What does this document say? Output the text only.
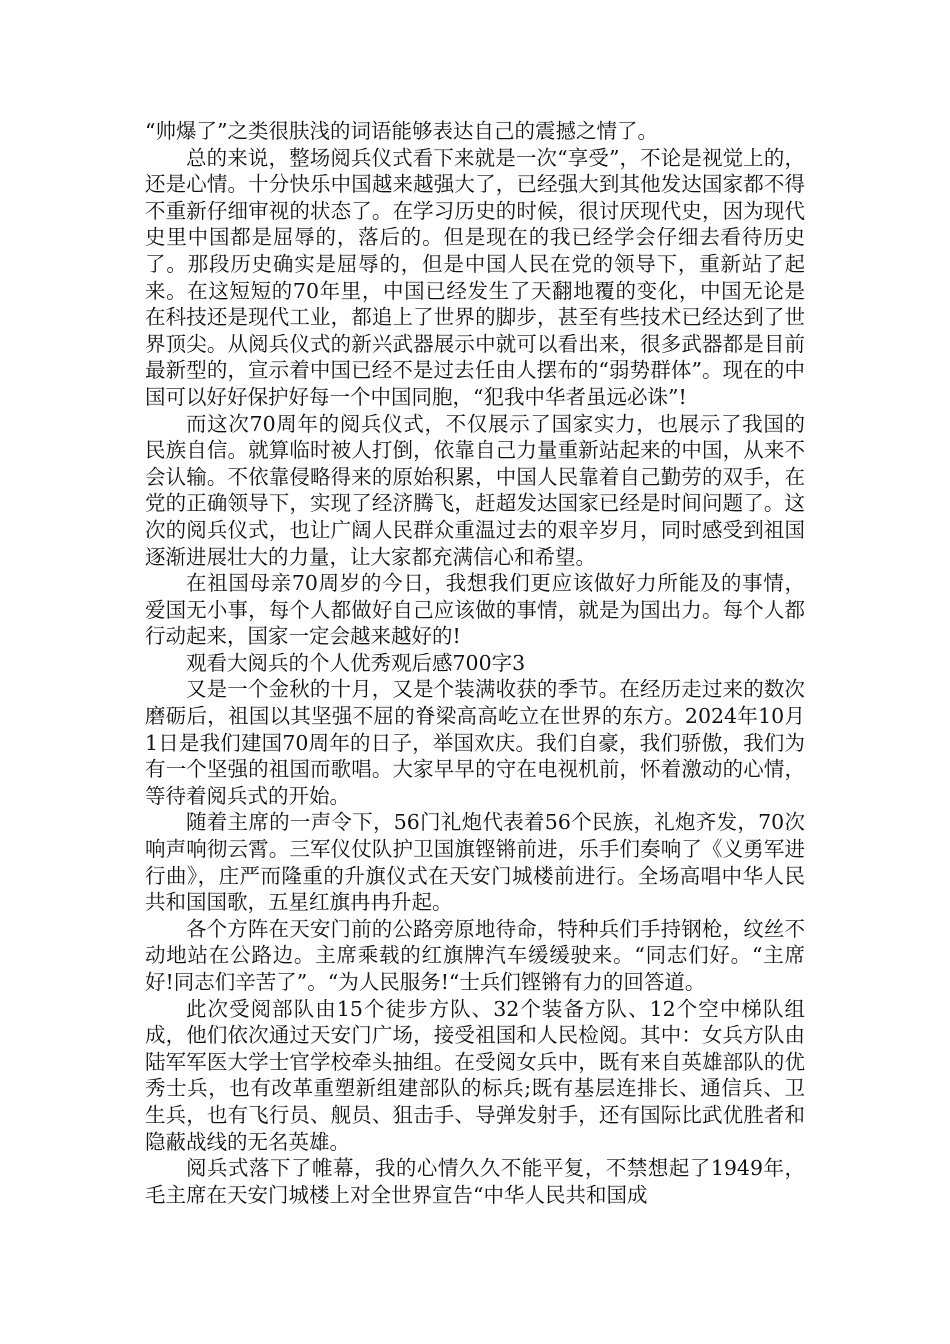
“帅爆了”之类很肤浅的词语能够表达自己的震撼之情了。

总的来说，整场阅兵仪式看下来就是一次“享受”，不论是视觉上的，还是心情。十分快乐中国越来越强大了，已经强大到其他发达国家都不得不重新仔细审视的状态了。在学习历史的时候，很讨厌现代史，因为现代史里中国都是屈辱的，落后的。但是现在的我已经学会仔细去看待历史了。那段历史确实是屈辱的，但是中国人民在党的领导下，重新站了起来。在这短短的70年里，中国已经发生了天翻地覆的变化，中国无论是在科技还是现代工业，都追上了世界的脚步，甚至有些技术已经达到了世界顶尖。从阅兵仪式的新兴武器展示中就可以看出来，很多武器都是目前最新型的，宣示着中国已经不是过去任由人摆布的“弱势群体”。现在的中国可以好好保护好每一个中国同胞，“犯我中华者虽远必诛”!

而这次70周年的阅兵仪式，不仅展示了国家实力，也展示了我国的民族自信。就算临时被人打倒，依靠自己力量重新站起来的中国，从来不会认输。不依靠侵略得来的原始积累，中国人民靠着自己勤劳的双手，在党的正确领导下，实现了经济腾飞，赶超发达国家已经是时间问题了。这次的阅兵仪式，也让广阔人民群众重温过去的艰辛岁月，同时感受到祖国逐渐进展壮大的力量，让大家都充满信心和希望。

在祖国母亲70周岁的今日，我想我们更应该做好力所能及的事情，爱国无小事，每个人都做好自己应该做的事情，就是为国出力。每个人都行动起来，国家一定会越来越好的!

观看大阅兵的个人优秀观后感700字3

又是一个金秋的十月，又是个装满收获的季节。在经历走过来的数次磨砺后，祖国以其坚强不屈的脊梁高高屹立在世界的东方。2024年10月1日是我们建国70周年的日子，举国欢庆。我们自豪，我们骄傲，我们为有一个坚强的祖国而歌唱。大家早早的守在电视机前，怀着激动的心情，等待着阅兵式的开始。

随着主席的一声令下，56门礼炮代表着56个民族，礼炮齐发，70次响声响彻云霄。三军仪仗队护卫国旗铿锵前进，乐手们奏响了《义勇军进行曲》，庄严而隆重的升旗仪式在天安门城楼前进行。全场高唱中华人民共和国国歌，五星红旗冉冉升起。

各个方阵在天安门前的公路旁原地待命，特种兵们手持钢枪，纹丝不动地站在公路边。主席乘载的红旗牌汽车缓缓驶来。“同志们好。“主席好!同志们辛苦了”。“为人民服务!“士兵们铿锵有力的回答道。

此次受阅部队由15个徒步方队、32个装备方队、12个空中梯队组成，他们依次通过天安门广场，接受祖国和人民检阅。其中：女兵方队由陆军军医大学士官学校牵头抽组。在受阅女兵中，既有来自英雄部队的优秀士兵，也有改革重塑新组建部队的标兵;既有基层连排长、通信兵、卫生兵，也有飞行员、舰员、狙击手、导弹发射手，还有国际比武优胜者和隐蔽战线的无名英雄。

阅兵式落下了帷幕，我的心情久久不能平复，不禁想起了1949年，毛主席在天安门城楼上对全世界宣告“中华人民共和国成
